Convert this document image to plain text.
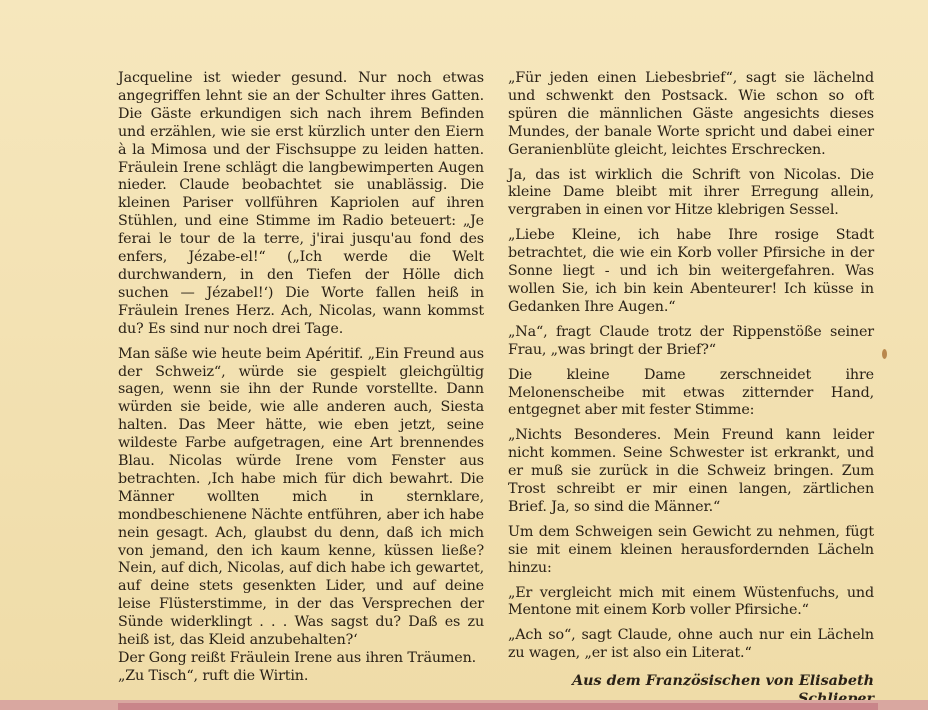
Jacqueline ist wieder gesund. Nur noch etwas angegriffen lehnt sie an der Schulter ihres Gatten. Die Gäste erkundigen sich nach ihrem Befinden und erzählen, wie sie erst kürzlich unter den Eiern à la Mimosa und der Fischsuppe zu leiden hatten. Fräulein Irene schlägt die langbewimperten Augen nieder. Claude beobachtet sie unablässig. Die kleinen Pariser vollführen Kapriolen auf ihren Stühlen, und eine Stimme im Radio beteuert: „Je ferai le tour de la terre, j'irai jusqu'au fond des enfers, Jézabe-el!“ („Ich werde die Welt durchwandern, in den Tiefen der Hölle dich suchen — Jézabel!‘) Die Worte fallen heiß in Fräulein Irenes Herz. Ach, Nicolas, wann kommst du? Es sind nur noch drei Tage.

Man säße wie heute beim Apéritif. „Ein Freund aus der Schweiz“, würde sie gespielt gleichgültig sagen, wenn sie ihn der Runde vorstellte. Dann würden sie beide, wie alle anderen auch, Siesta halten. Das Meer hätte, wie eben jetzt, seine wildeste Farbe aufgetragen, eine Art brennendes Blau. Nicolas würde Irene vom Fenster aus betrachten. ‚Ich habe mich für dich bewahrt. Die Männer wollten mich in sternklare, mondbeschienene Nächte entführen, aber ich habe nein gesagt. Ach, glaubst du denn, daß ich mich von jemand, den ich kaum kenne, küssen ließe? Nein, auf dich, Nicolas, auf dich habe ich gewartet, auf deine stets gesenkten Lider, und auf deine leise Flüsterstimme, in der das Versprechen der Sünde widerklingt . . . Was sagst du? Daß es zu heiß ist, das Kleid anzubehalten?‘

Der Gong reißt Fräulein Irene aus ihren Träumen.

„Zu Tisch“, ruft die Wirtin.

„Für jeden einen Liebesbrief“, sagt sie lächelnd und schwenkt den Postsack. Wie schon so oft spüren die männlichen Gäste angesichts dieses Mundes, der banale Worte spricht und dabei einer Geranienblüte gleicht, leichtes Erschrecken.

Ja, das ist wirklich die Schrift von Nicolas. Die kleine Dame bleibt mit ihrer Erregung allein, vergraben in einen vor Hitze klebrigen Sessel.

„Liebe Kleine, ich habe Ihre rosige Stadt betrachtet, die wie ein Korb voller Pfirsiche in der Sonne liegt - und ich bin weitergefahren. Was wollen Sie, ich bin kein Abenteurer! Ich küsse in Gedanken Ihre Augen.“

„Na“, fragt Claude trotz der Rippenstöße seiner Frau, „was bringt der Brief?“

Die kleine Dame zerschneidet ihre Melonenscheibe mit etwas zitternder Hand, entgegnet aber mit fester Stimme:

„Nichts Besonderes. Mein Freund kann leider nicht kommen. Seine Schwester ist erkrankt, und er muß sie zurück in die Schweiz bringen. Zum Trost schreibt er mir einen langen, zärtlichen Brief. Ja, so sind die Männer.“

Um dem Schweigen sein Gewicht zu nehmen, fügt sie mit einem kleinen herausfordernden Lächeln hinzu:

„Er vergleicht mich mit einem Wüstenfuchs, und Mentone mit einem Korb voller Pfirsiche.“

„Ach so“, sagt Claude, ohne auch nur ein Lächeln zu wagen, „er ist also ein Literat.“

Aus dem Französischen von Elisabeth
